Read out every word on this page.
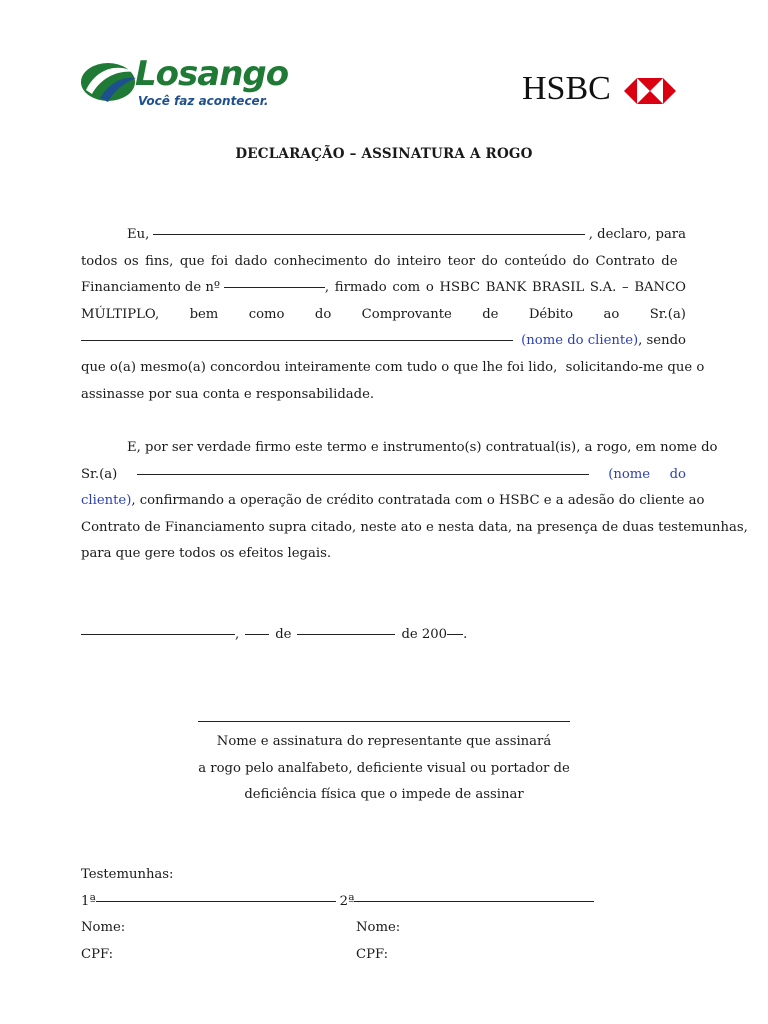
Losango
Você faz acontecer.	HSBC
DECLARAÇÃO – ASSINATURA A ROGO
Eu,	, declaro, para
todos os fins, que foi dado conhecimento do inteiro teor do conteúdo do Contrato de
Financiamento de nº	, firmado com o HSBC BANK BRASIL S.A. – BANCO
MÚLTIPLO, bem como do Comprovante de Débito ao Sr.(a)
(nome do cliente) , sendo
que o(a) mesmo(a) concordou inteiramente com tudo o que lhe foi lido,  solicitando-me que o
assinasse por sua conta e responsabilidade.
E, por ser verdade firmo este termo e instrumento(s) contratual(is), a rogo, em nome do
Sr.(a)	(nome do
cliente) , confirmando a operação de crédito contratada com o HSBC e a adesão do cliente ao
Contrato de Financiamento supra citado, neste ato e nesta data, na presença de duas testemunhas,
para que gere todos os efeitos legais.
,	de	de 200 .
Nome e assinatura do representante que assinará
a rogo pelo analfabeto, deficiente visual ou portador de
deficiência física que o impede de assinar
Testemunhas:
1ª	2ª
Nome:	Nome:
CPF:	CPF:
